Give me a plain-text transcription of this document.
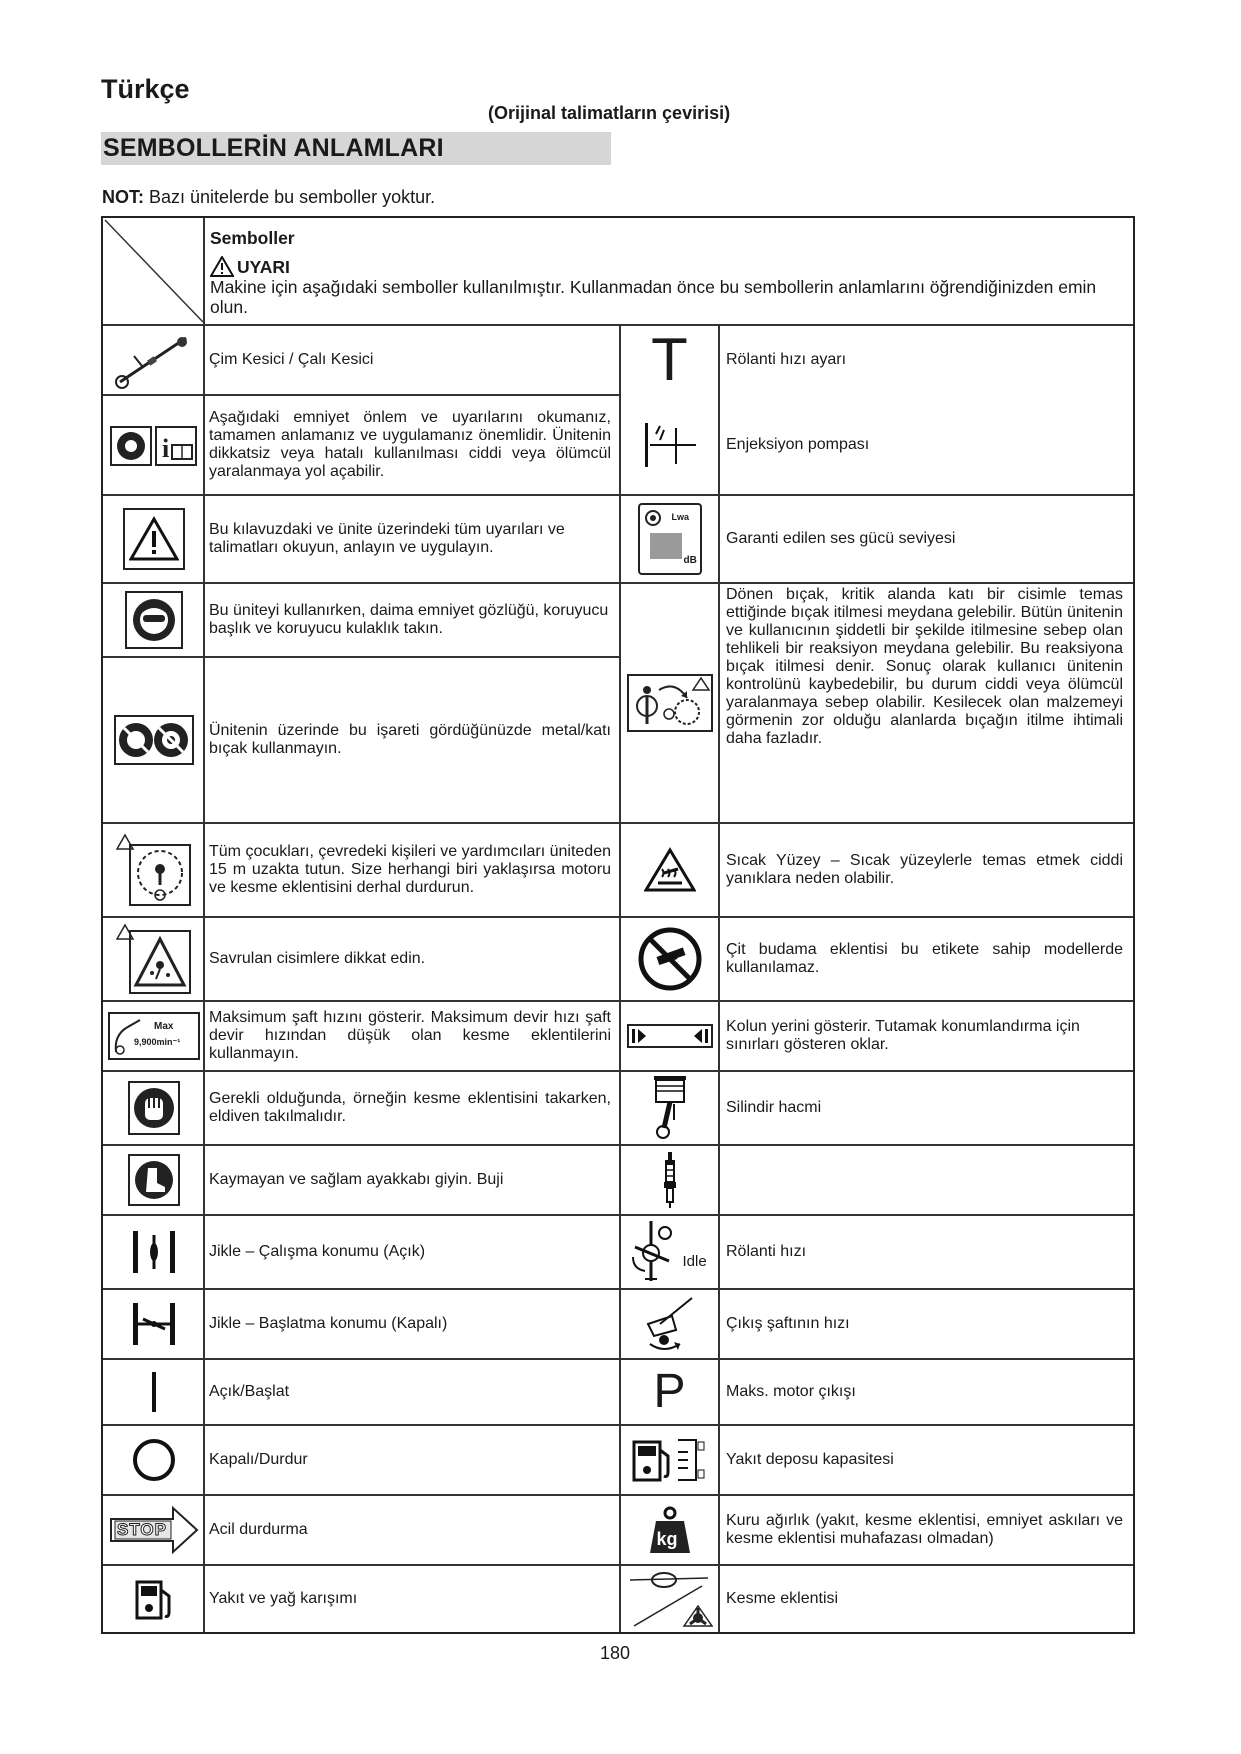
Türkçe
(Orijinal talimatların çevirisi)
SEMBOLLERİN ANLAMLARI
NOT: Bazı ünitelerde bu semboller yoktur.
Semboller
UYARI
Makine için aşağıdaki semboller kullanılmıştır. Kullanmadan önce bu sembollerin anlamlarını öğrendiğinizden emin olun.
Çim Kesici / Çalı Kesici
i
Aşağıdaki emniyet önlem ve uyarılarını okumanız, tamamen anlamanız ve uygulamanız önemlidir. Ünitenin dikkatsiz veya hatalı kullanılması ciddi veya ölümcül yaralanmaya yol açabilir.
Bu kılavuzdaki ve ünite üzerindeki tüm uyarıları ve talimatları okuyun, anlayın ve uygulayın.
Bu üniteyi kullanırken, daima emniyet gözlüğü, koruyucu başlık ve koruyucu kulaklık takın.
Ünitenin üzerinde bu işareti gördüğünüzde metal/katı bıçak kullanmayın.
Tüm çocukları, çevredeki kişileri ve yardımcıları üniteden 15 m uzakta tutun. Size herhangi biri yaklaşırsa motoru ve kesme eklentisini derhal durdurun.
Savrulan cisimlere dikkat edin.
Max
9,900min⁻¹
Maksimum şaft hızını gösterir. Maksimum devir hızı şaft devir hızından düşük olan kesme eklentilerini kullanmayın.
Gerekli olduğunda, örneğin kesme eklentisini takarken, eldiven takılmalıdır.
Kaymayan ve sağlam ayakkabı giyin. Buji
Jikle – Çalışma konumu (Açık)
Jikle – Başlatma konumu (Kapalı)
Açık/Başlat
Kapalı/Durdur
STOP	Acil durdurma
Yakıt ve yağ karışımı
T Rölanti hızı ayarı
Enjeksiyon pompası
Lwa
dB
Garanti edilen ses gücü seviyesi
Dönen bıçak, kritik alanda katı bir cisimle temas ettiğinde bıçak itilmesi meydana gelebilir. Bütün ünitenin ve kullanıcının şiddetli bir şekilde itilmesine sebep olan tehlikeli bir reaksiyon meydana gelebilir. Bu reaksiyona bıçak itilmesi denir. Sonuç olarak kullanıcı ünitenin kontrolünü kaybedebilir, bu durum ciddi veya ölümcül yaralanmaya sebep olabilir. Kesilecek olan malzemeyi görmenin zor olduğu alanlarda bıçağın itilme ihtimali daha fazladır.
Sıcak Yüzey – Sıcak yüzeylerle temas etmek ciddi yanıklara neden olabilir.
Çit budama eklentisi bu etikete sahip modellerde kullanılamaz.
Kolun yerini gösterir. Tutamak konumlandırma için sınırları gösteren oklar.
Silindir hacmi
Idle
Rölanti hızı
Çıkış şaftının hızı
P	Maks. motor çıkışı
Yakıt deposu kapasitesi
kg
Kuru ağırlık (yakıt, kesme eklentisi, emniyet askıları ve kesme eklentisi muhafazası olmadan)
Kesme eklentisi
180
